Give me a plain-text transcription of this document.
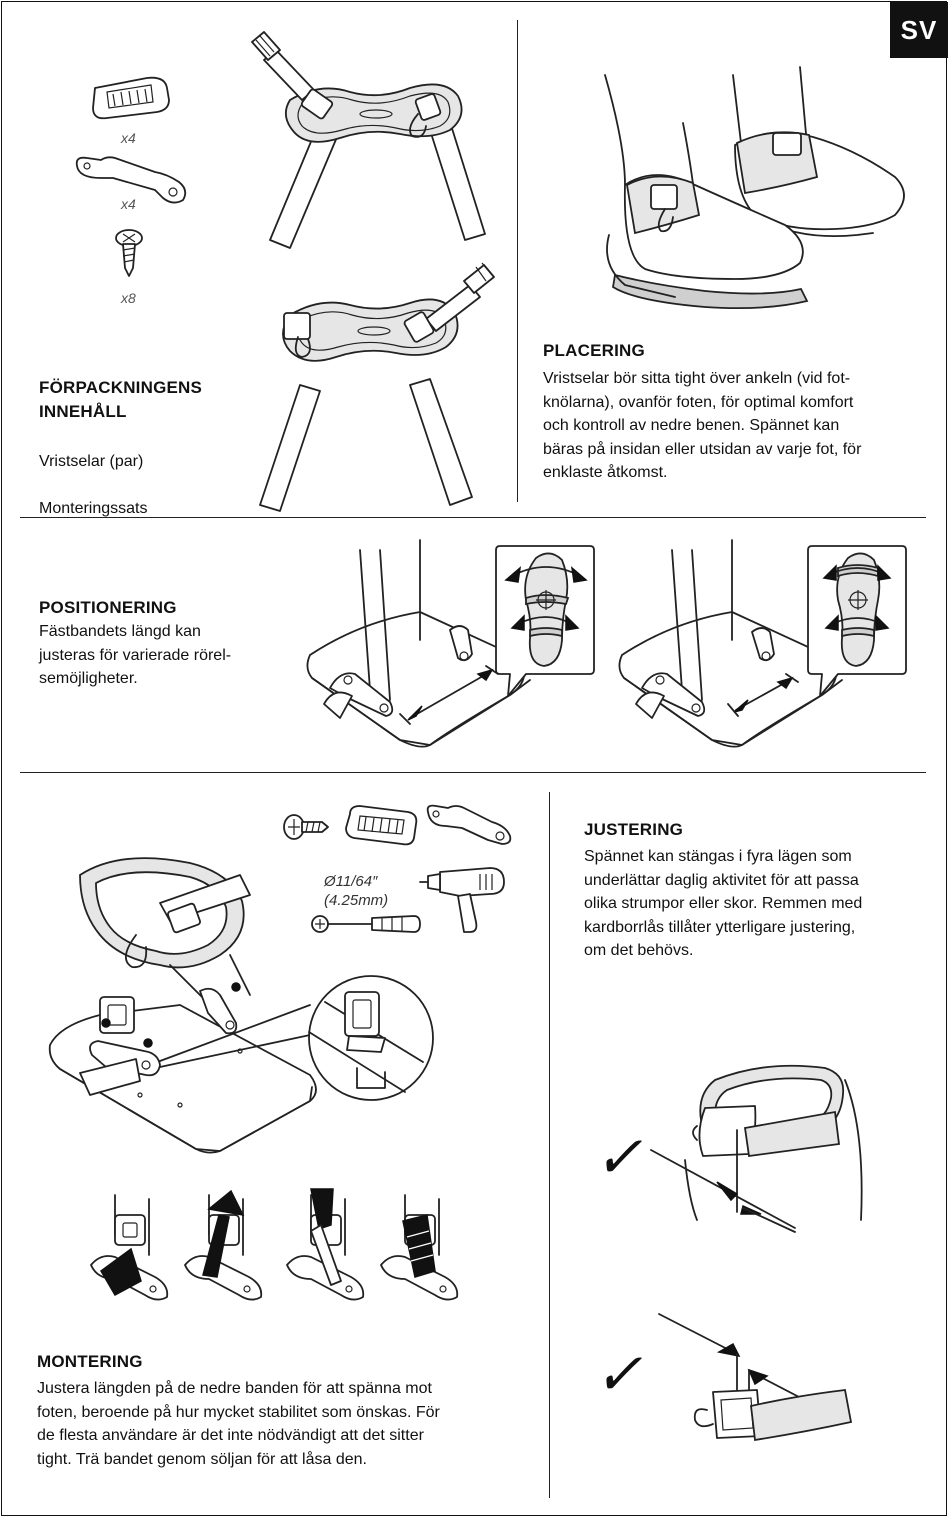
SV
x4
x4
x8
FÖRPACKNINGENS
INNEHÅLL

Vristselar (par)

Monteringssats

PLACERING
Vristselar bör sitta tight över ankeln (vid fot-
knölarna), ovanför foten, för optimal komfort
och kontroll av nedre benen. Spännet kan
bäras på insidan eller utsidan av varje fot, för
enklaste åtkomst.
POSITIONERING
Fästbandets längd kan
justeras för varierade rörel-
semöjligheter.
Ø11/64″
(4.25mm)
MONTERING
Justera längden på de nedre banden för att spänna mot
foten, beroende på hur mycket stabilitet som önskas. För
de flesta användare är det inte nödvändigt att det sitter
tight. Trä bandet genom söljan för att låsa den.
JUSTERING
Spännet kan stängas i fyra lägen som
underlättar daglig aktivitet för att passa
olika strumpor eller skor. Remmen med
kardborrlås tillåter ytterligare justering,
om det behövs.
✓
✓
